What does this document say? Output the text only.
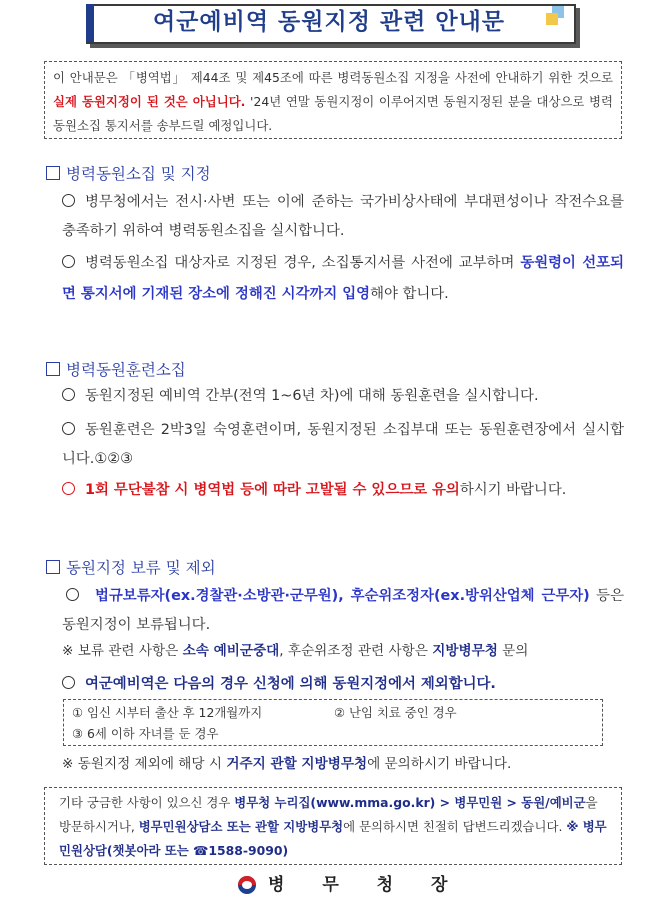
여군예비역 동원지정 관련 안내문
이 안내문은 「병역법」 제44조 및 제45조에 따른 병력동원소집 지정을 사전에 안내하기 위한 것으로 실제 동원지정이 된 것은 아닙니다. '24년 연말 동원지정이 이루어지면 동원지정된 분을 대상으로 병력동원소집 통지서를 송부드릴 예정입니다.
병력동원소집 및 지정
병무청에서는 전시·사변 또는 이에 준하는 국가비상사태에 부대편성이나 작전수요를 충족하기 위하여 병력동원소집을 실시합니다.
병력동원소집 대상자로 지정된 경우, 소집통지서를 사전에 교부하며 동원령이 선포되면 통지서에 기재된 장소에 정해진 시각까지 입영해야 합니다.
병력동원훈련소집
동원지정된 예비역 간부(전역 1~6년 차)에 대해 동원훈련을 실시합니다.
동원훈련은 2박3일 숙영훈련이며, 동원지정된 소집부대 또는 동원훈련장에서 실시합니다.①②③
1회 무단불참 시 병역법 등에 따라 고발될 수 있으므로 유의하시기 바랍니다.
동원지정 보류 및 제외
법규보류자(ex.경찰관·소방관·군무원), 후순위조정자(ex.방위산업체 근무자) 등은 동원지정이 보류됩니다.
※ 보류 관련 사항은 소속 예비군중대, 후순위조정 관련 사항은 지방병무청 문의
여군예비역은 다음의 경우 신청에 의해 동원지정에서 제외합니다.
① 임신 시부터 출산 후 12개월까지	② 난임 치료 중인 경우
③ 6세 이하 자녀를 둔 경우
※ 동원지정 제외에 해당 시 거주지 관할 지방병무청에 문의하시기 바랍니다.
기타 궁금한 사항이 있으신 경우 병무청 누리집(www.mma.go.kr) > 병무민원 > 동원/예비군을 방문하시거나, 병무민원상담소 또는 관할 지방병무청에 문의하시면 친절히 답변드리겠습니다. ※ 병무민원상담(챗봇아라 또는 ☎1588-9090)
병 무 청 장
